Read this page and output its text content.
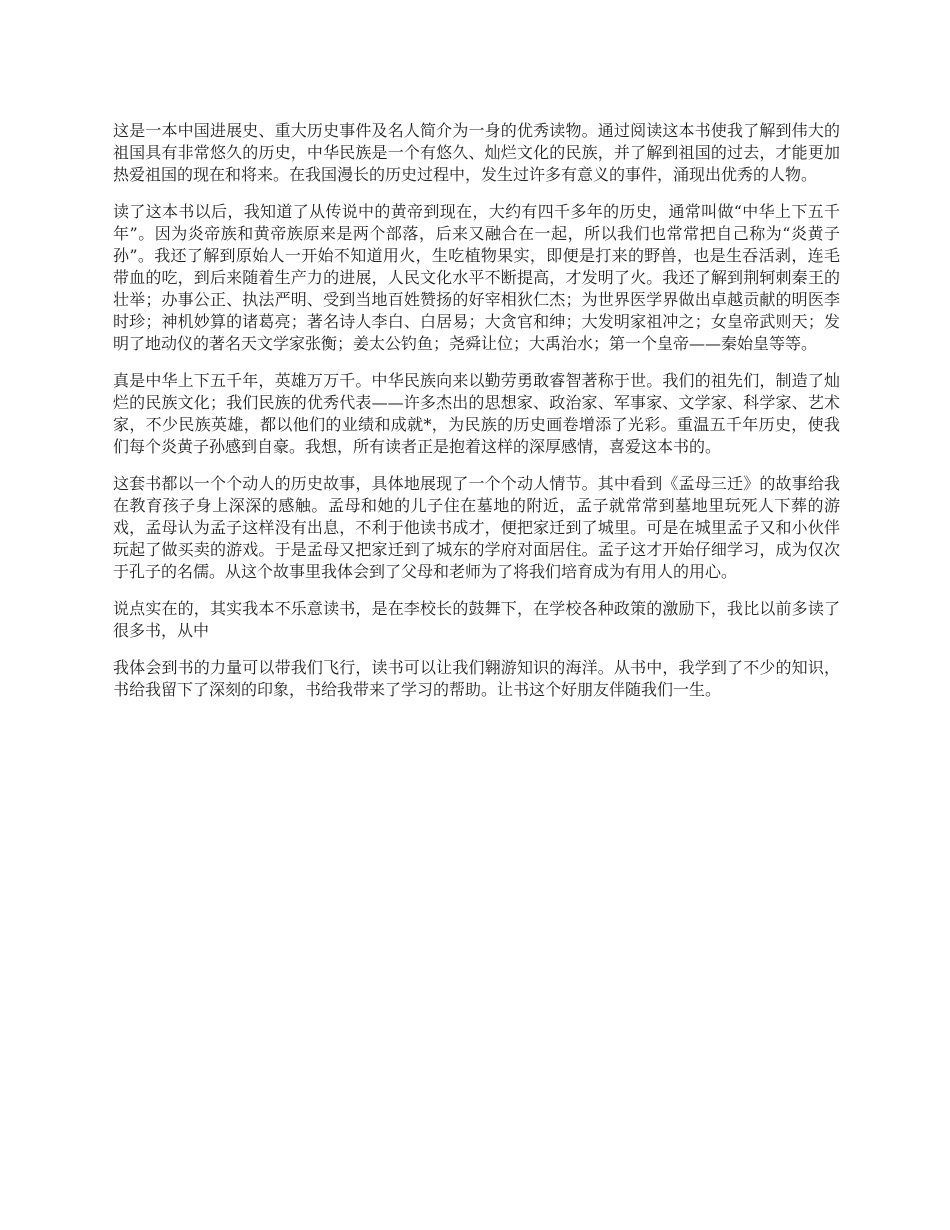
这是一本中国进展史、重大历史事件及名人简介为一身的优秀读物。通过阅读这本书使我了解到伟大的祖国具有非常悠久的历史，中华民族是一个有悠久、灿烂文化的民族，并了解到祖国的过去，才能更加热爱祖国的现在和将来。在我国漫长的历史过程中，发生过许多有意义的事件，涌现出优秀的人物。

读了这本书以后，我知道了从传说中的黄帝到现在，大约有四千多年的历史，通常叫做“中华上下五千年”。因为炎帝族和黄帝族原来是两个部落，后来又融合在一起，所以我们也常常把自己称为“炎黄子孙”。我还了解到原始人一开始不知道用火，生吃植物果实，即便是打来的野兽，也是生吞活剥，连毛带血的吃，到后来随着生产力的进展，人民文化水平不断提高，才发明了火。我还了解到荆轲刺秦王的壮举；办事公正、执法严明、受到当地百姓赞扬的好宰相狄仁杰；为世界医学界做出卓越贡献的明医李时珍；神机妙算的诸葛亮；著名诗人李白、白居易；大贪官和绅；大发明家祖冲之；女皇帝武则天；发明了地动仪的著名天文学家张衡；姜太公钓鱼；尧舜让位；大禹治水；第一个皇帝——秦始皇等等。

真是中华上下五千年，英雄万万千。中华民族向来以勤劳勇敢睿智著称于世。我们的祖先们，制造了灿烂的民族文化；我们民族的优秀代表——许多杰出的思想家、政治家、军事家、文学家、科学家、艺术家，不少民族英雄，都以他们的业绩和成就*，为民族的历史画卷增添了光彩。重温五千年历史，使我们每个炎黄子孙感到自豪。我想，所有读者正是抱着这样的深厚感情，喜爱这本书的。

这套书都以一个个动人的历史故事，具体地展现了一个个动人情节。其中看到《孟母三迁》的故事给我在教育孩子身上深深的感触。孟母和她的儿子住在墓地的附近，孟子就常常到墓地里玩死人下葬的游戏，孟母认为孟子这样没有出息，不利于他读书成才，便把家迁到了城里。可是在城里孟子又和小伙伴玩起了做买卖的游戏。于是孟母又把家迁到了城东的学府对面居住。孟子这才开始仔细学习，成为仅次于孔子的名儒。从这个故事里我体会到了父母和老师为了将我们培育成为有用人的用心。

说点实在的，其实我本不乐意读书，是在李校长的鼓舞下，在学校各种政策的激励下，我比以前多读了很多书，从中

我体会到书的力量可以带我们飞行，读书可以让我们翱游知识的海洋。从书中，我学到了不少的知识，书给我留下了深刻的印象，书给我带来了学习的帮助。让书这个好朋友伴随我们一生。
